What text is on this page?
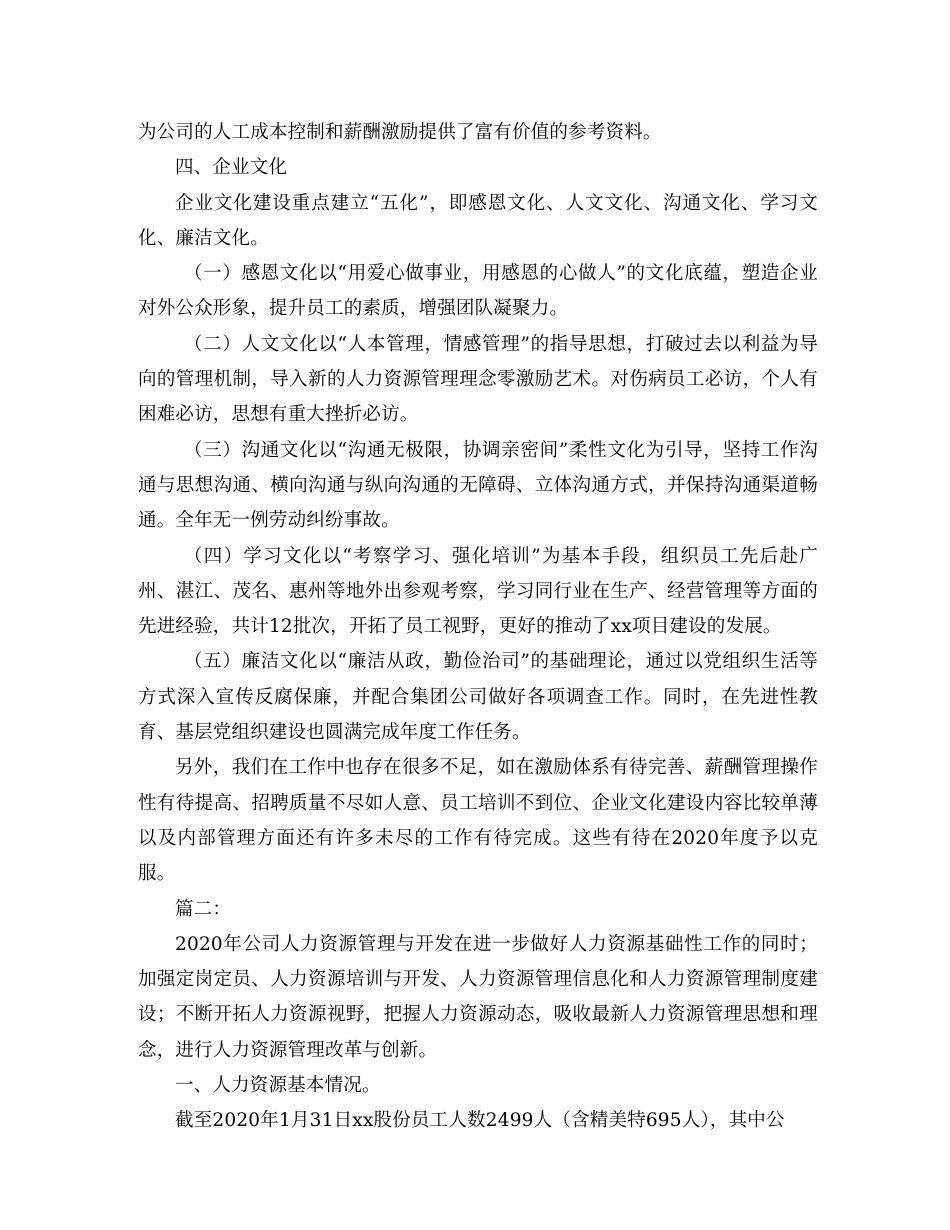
为公司的人工成本控制和薪酬激励提供了富有价值的参考资料。

四、企业文化

企业文化建设重点建立“五化”，即感恩文化、人文文化、沟通文化、学习文化、廉洁文化。

（一）感恩文化以“用爱心做事业，用感恩的心做人”的文化底蕴，塑造企业对外公众形象，提升员工的素质，增强团队凝聚力。

（二）人文文化以“人本管理，情感管理”的指导思想，打破过去以利益为导向的管理机制，导入新的人力资源管理理念零激励艺术。对伤病员工必访，个人有困难必访，思想有重大挫折必访。

（三）沟通文化以“沟通无极限，协调亲密间”柔性文化为引导，坚持工作沟通与思想沟通、横向沟通与纵向沟通的无障碍、立体沟通方式，并保持沟通渠道畅通。全年无一例劳动纠纷事故。

（四）学习文化以“考察学习、强化培训”为基本手段，组织员工先后赴广州、湛江、茂名、惠州等地外出参观考察，学习同行业在生产、经营管理等方面的先进经验，共计12批次，开拓了员工视野，更好的推动了xx项目建设的发展。

（五）廉洁文化以“廉洁从政，勤俭治司”的基础理论，通过以党组织生活等方式深入宣传反腐保廉，并配合集团公司做好各项调查工作。同时，在先进性教育、基层党组织建设也圆满完成年度工作任务。

另外，我们在工作中也存在很多不足，如在激励体系有待完善、薪酬管理操作性有待提高、招聘质量不尽如人意、员工培训不到位、企业文化建设内容比较单薄以及内部管理方面还有许多未尽的工作有待完成。这些有待在2020年度予以克服。

篇二：

2020年公司人力资源管理与开发在进一步做好人力资源基础性工作的同时；加强定岗定员、人力资源培训与开发、人力资源管理信息化和人力资源管理制度建设；不断开拓人力资源视野，把握人力资源动态，吸收最新人力资源管理思想和理念，进行人力资源管理改革与创新。

一、人力资源基本情况。

截至2020年1月31日xx股份员工人数2499人（含精美特695人），其中公
